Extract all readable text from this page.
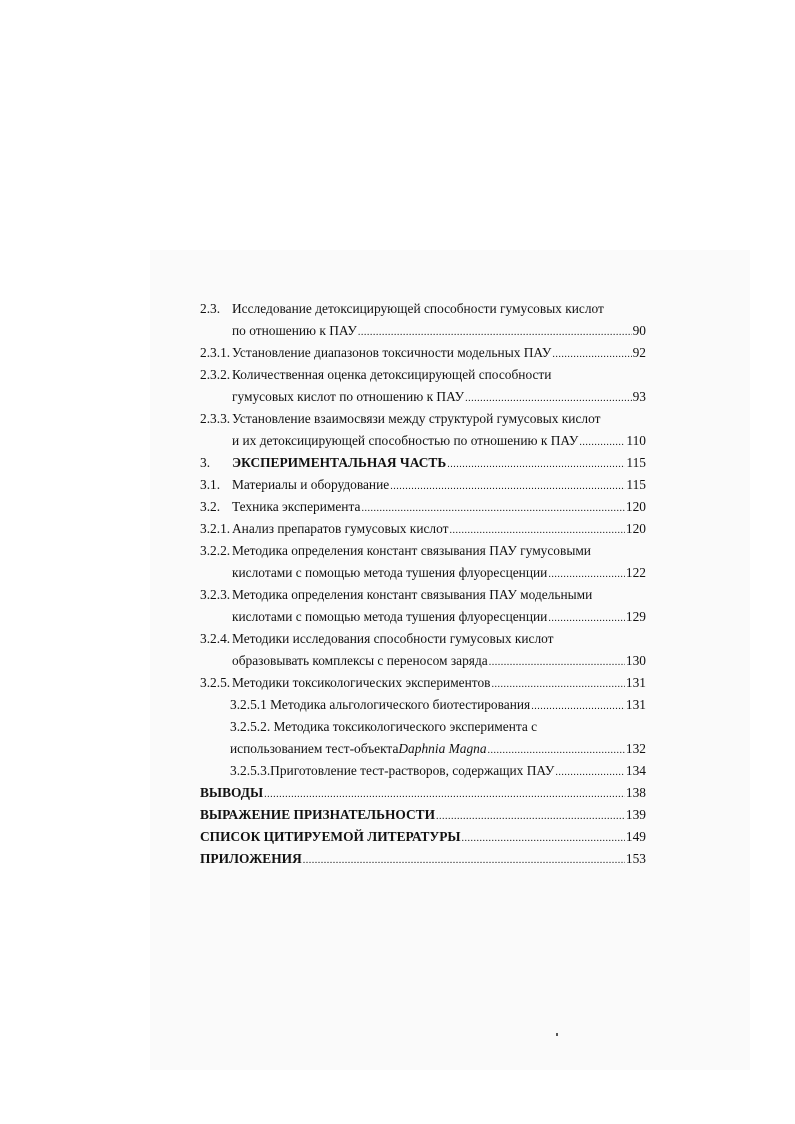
2.3. Исследование детоксицирующей способности гумусовых кислот
по отношению к ПАУ .....	90
2.3.1. Установление диапазонов токсичности модельных ПАУ .....	92
2.3.2. Количественная оценка детоксицирующей способности
гумусовых кислот по отношению к ПАУ .....	93
2.3.3. Установление взаимосвязи между структурой гумусовых кислот
и их детоксицирующей способностью по отношению к ПАУ .....	110
3.	ЭКСПЕРИМЕНТАЛЬНАЯ ЧАСТЬ .....	115
3.1. Материалы и оборудование .....	115
3.2. Техника эксперимента .....	120
3.2.1. Анализ препаратов гумусовых кислот .....	120
3.2.2. Методика определения констант связывания ПАУ гумусовыми
кислотами с помощью метода тушения флуоресценции .....	122
3.2.3. Методика определения констант связывания ПАУ модельными
кислотами с помощью метода тушения флуоресценции .....	129
3.2.4. Методики исследования способности гумусовых кислот
образовывать комплексы с переносом заряда .....	130
3.2.5. Методики токсикологических экспериментов .....	131
3.2.5.1 Методика альгологического биотестирования .....	131
3.2.5.2. Методика токсикологического эксперимента с
использованием тест-объекта Daphnia Magna .....	132
3.2.5.3.Приготовление тест-растворов, содержащих ПАУ .....	134
ВЫВОДЫ .....	138
ВЫРАЖЕНИЕ ПРИЗНАТЕЛЬНОСТИ .....	139
СПИСОК ЦИТИРУЕМОЙ ЛИТЕРАТУРЫ .....	149
ПРИЛОЖЕНИЯ .....	153
